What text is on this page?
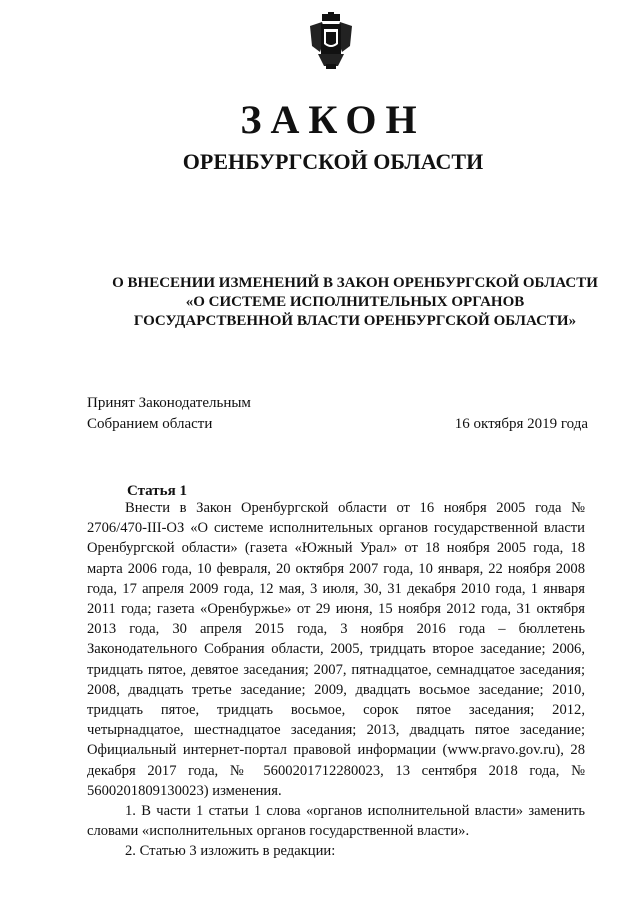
ЗАКОН
ОРЕНБУРГСКОЙ ОБЛАСТИ
О ВНЕСЕНИИ ИЗМЕНЕНИЙ В ЗАКОН ОРЕНБУРГСКОЙ ОБЛАСТИ
«О СИСТЕМЕ ИСПОЛНИТЕЛЬНЫХ ОРГАНОВ
ГОСУДАРСТВЕННОЙ ВЛАСТИ ОРЕНБУРГСКОЙ ОБЛАСТИ»
Принят Законодательным
Собранием области	16 октября 2019 года
Статья 1

Внести в Закон Оренбургской области от 16 ноября 2005 года № 2706/470-III-ОЗ «О системе исполнительных органов государственной власти Оренбургской области» (газета «Южный Урал» от 18 ноября 2005 года, 18 марта 2006 года, 10 февраля, 20 октября 2007 года, 10 января, 22 ноября 2008 года, 17 апреля 2009 года, 12 мая, 3 июля, 30, 31 декабря 2010 года, 1 января 2011 года; газета «Оренбуржье» от 29 июня, 15 ноября 2012 года, 31 октября 2013 года, 30 апреля 2015 года, 3 ноября 2016 года – бюллетень Законодательного Собрания области, 2005, тридцать второе заседание; 2006, тридцать пятое, девятое заседания; 2007, пятнадцатое, семнадцатое заседания; 2008, двадцать третье заседание; 2009, двадцать восьмое заседание; 2010, тридцать пятое, тридцать восьмое, сорок пятое заседания; 2012, четырнадцатое, шестнадцатое заседания; 2013, двадцать пятое заседание; Официальный интернет-портал правовой информации (www.pravo.gov.ru), 28 декабря 2017 года, № 5600201712280023, 13 сентября 2018 года, № 5600201809130023) изменения.

1. В части 1 статьи 1 слова «органов исполнительной власти» заменить словами «исполнительных органов государственной власти».

2. Статью 3 изложить в редакции:
